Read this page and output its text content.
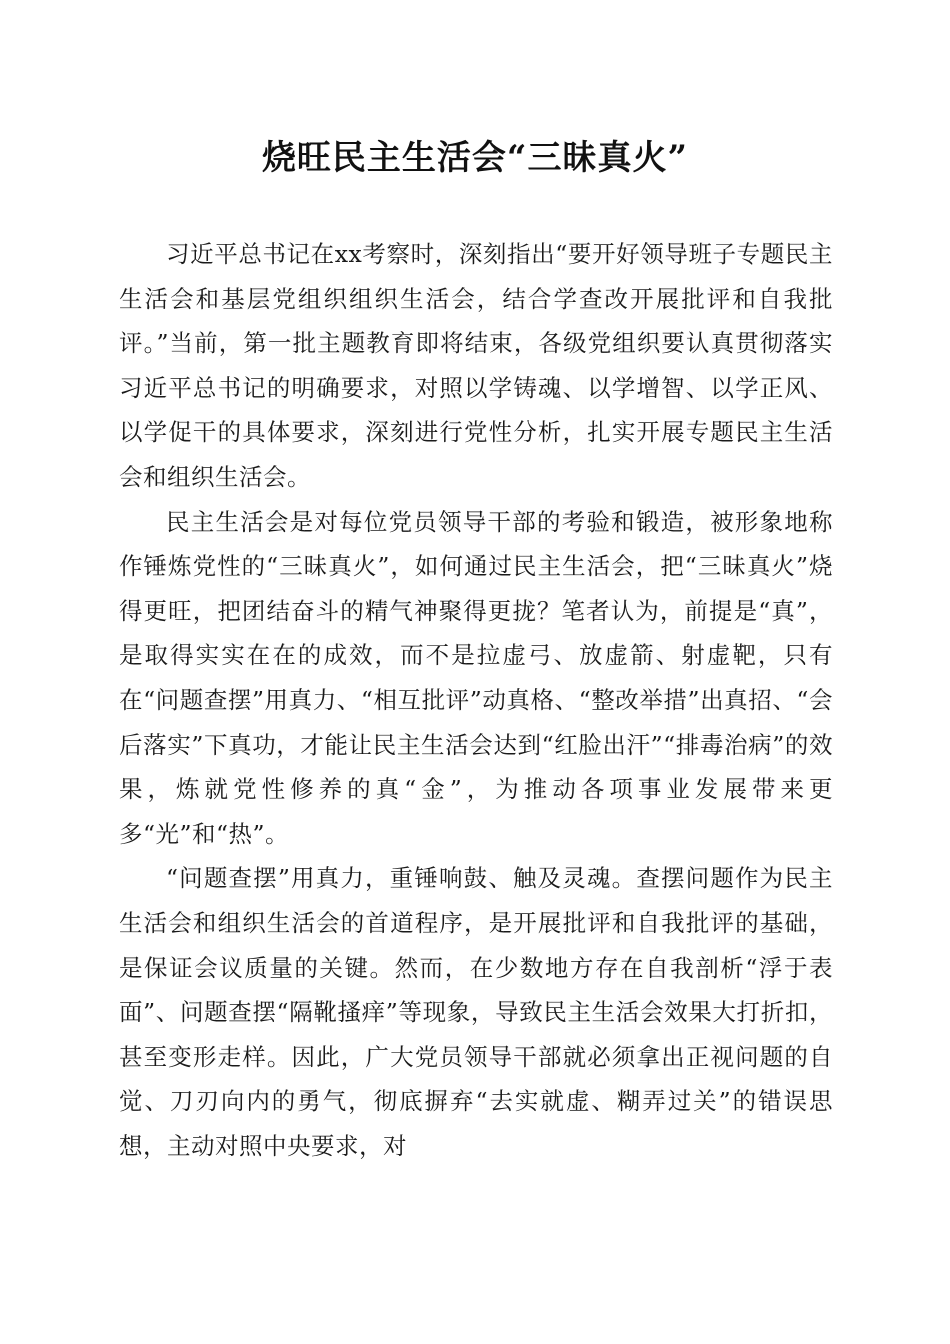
烧旺民主生活会“三昧真火”

习近平总书记在xx考察时，深刻指出“要开好领导班子专题民主生活会和基层党组织组织生活会，结合学查改开展批评和自我批评。”当前，第一批主题教育即将结束，各级党组织要认真贯彻落实习近平总书记的明确要求，对照以学铸魂、以学增智、以学正风、以学促干的具体要求，深刻进行党性分析，扎实开展专题民主生活会和组织生活会。

民主生活会是对每位党员领导干部的考验和锻造，被形象地称作锤炼党性的“三昧真火”，如何通过民主生活会，把“三昧真火”烧得更旺，把团结奋斗的精气神聚得更拢？笔者认为，前提是“真”，是取得实实在在的成效，而不是拉虚弓、放虚箭、射虚靶，只有在“问题查摆”用真力、“相互批评”动真格、“整改举措”出真招、“会后落实”下真功，才能让民主生活会达到“红脸出汗”“排毒治病”的效果，炼就党性修养的真“金”，为推动各项事业发展带来更多“光”和“热”。

“问题查摆”用真力，重锤响鼓、触及灵魂。查摆问题作为民主生活会和组织生活会的首道程序，是开展批评和自我批评的基础，是保证会议质量的关键。然而，在少数地方存在自我剖析“浮于表面”、问题查摆“隔靴搔痒”等现象，导致民主生活会效果大打折扣，甚至变形走样。因此，广大党员领导干部就必须拿出正视问题的自觉、刀刃向内的勇气，彻底摒弃“去实就虚、糊弄过关”的错误思想，主动对照中央要求，对
